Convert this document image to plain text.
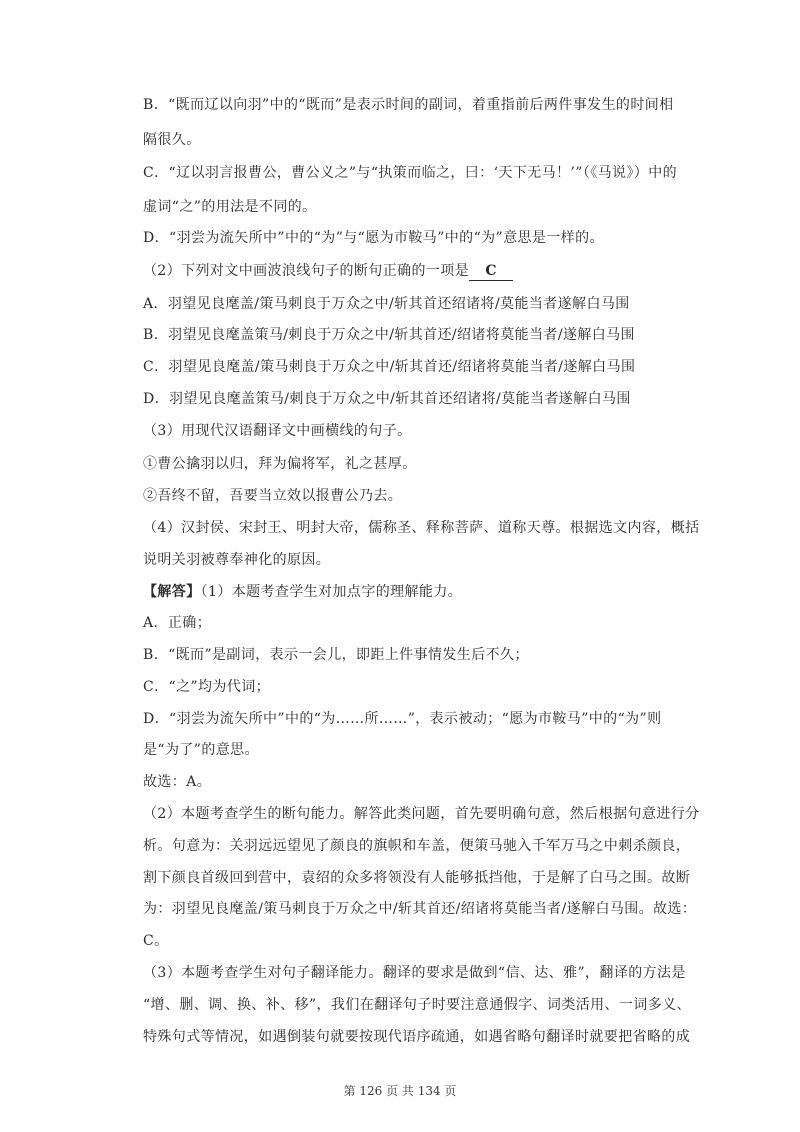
B．“既而辽以向羽”中的“既而”是表示时间的副词，着重指前后两件事发生的时间相
隔很久。
C．“辽以羽言报曹公，曹公义之”与“执策而临之，曰：‘天下无马！’”（《马说》）中的
虚词“之”的用法是不同的。
D．“羽尝为流矢所中”中的“为”与“愿为市鞍马”中的“为”意思是一样的。
（2）下列对文中画波浪线句子的断句正确的一项是 C
A．羽望见良麾盖/策马刺良于万众之中/斩其首还绍诸将/莫能当者遂解白马围
B．羽望见良麾盖策马/刺良于万众之中/斩其首还/绍诸将莫能当者/遂解白马围
C．羽望见良麾盖/策马刺良于万众之中/斩其首还/绍诸将莫能当者/遂解白马围
D．羽望见良麾盖策马/刺良于万众之中/斩其首还绍诸将/莫能当者遂解白马围
（3）用现代汉语翻译文中画横线的句子。
①曹公擒羽以归，拜为偏将军，礼之甚厚。
②吾终不留，吾要当立效以报曹公乃去。
（4）汉封侯、宋封王、明封大帝，儒称圣、释称菩萨、道称天尊。根据选文内容，概括
说明关羽被尊奉神化的原因。
【解答】（1）本题考查学生对加点字的理解能力。
A．正确；
B．“既而”是副词，表示一会儿，即距上件事情发生后不久；
C．“之”均为代词；
D．“羽尝为流矢所中”中的“为……所……”，表示被动；“愿为市鞍马”中的“为”则
是“为了”的意思。
故选：A。
（2）本题考查学生的断句能力。解答此类问题，首先要明确句意，然后根据句意进行分
析。句意为：关羽远远望见了颜良的旗帜和车盖，便策马驰入千军万马之中刺杀颜良，
割下颜良首级回到营中，袁绍的众多将领没有人能够抵挡他，于是解了白马之围。故断
为：羽望见良麾盖/策马刺良于万众之中/斩其首还/绍诸将莫能当者/遂解白马围。故选：
C。
（3）本题考查学生对句子翻译能力。翻译的要求是做到“信、达、雅”，翻译的方法是
“增、删、调、换、补、移”，我们在翻译句子时要注意通假字、词类活用、一词多义、
特殊句式等情况，如遇倒装句就要按现代语序疏通，如遇省略句翻译时就要把省略的成
第 126 页 共 134 页
